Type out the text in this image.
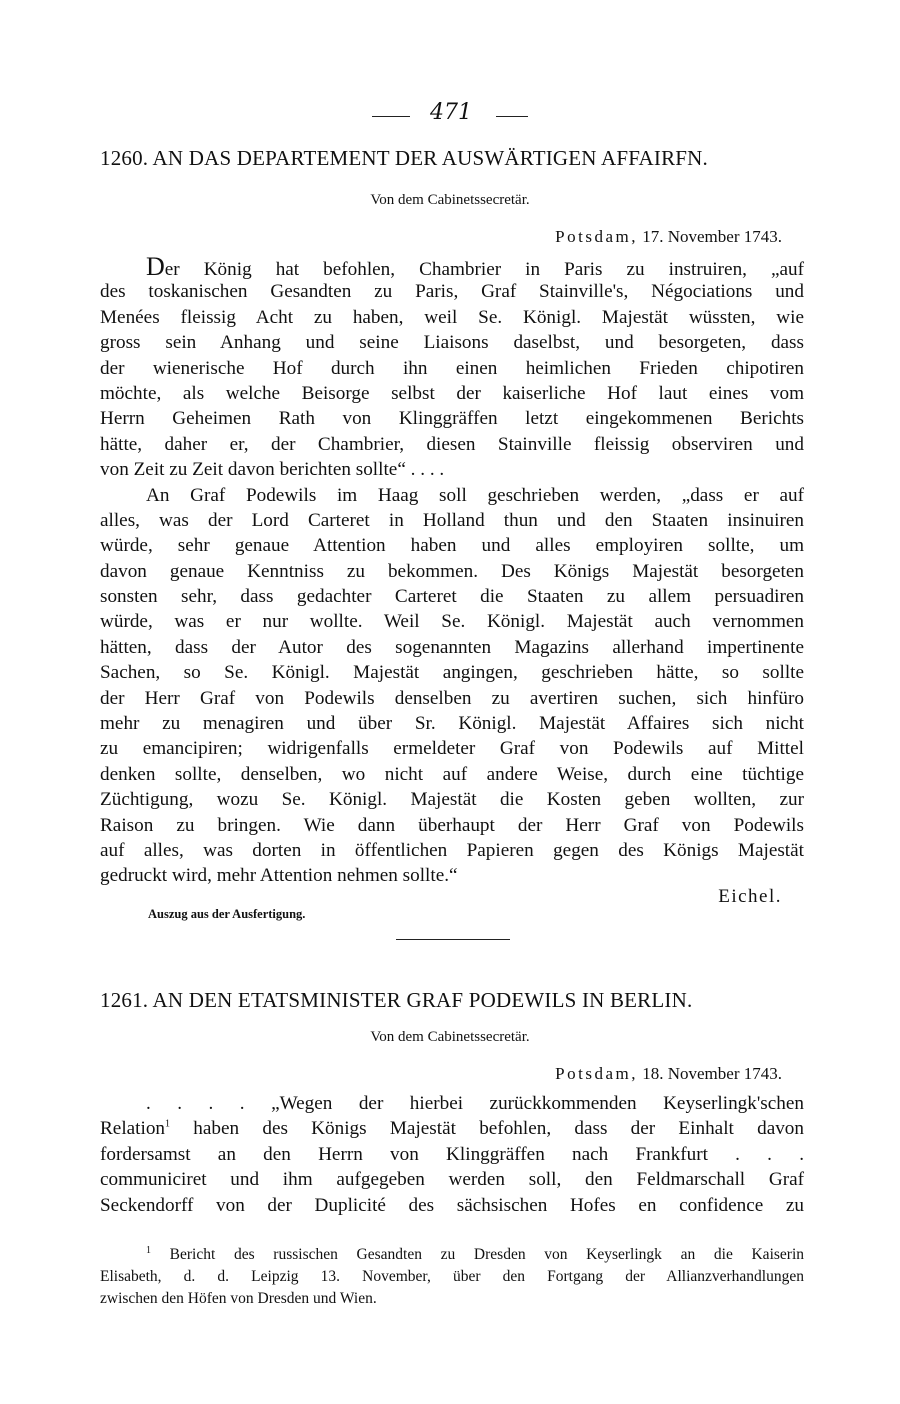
471
1260. AN DAS DEPARTEMENT DER AUSWÄRTIGEN AFFAIRFN.
Von dem Cabinetssecretär.
Potsdam, 17. November 1743.
Der König hat befohlen, Chambrier in Paris zu instruiren, „auf
des toskanischen Gesandten zu Paris, Graf Stainville's, Négociations und
Menées fleissig Acht zu haben, weil Se. Königl. Majestät wüssten, wie
gross sein Anhang und seine Liaisons daselbst, und besorgeten, dass
der wienerische Hof durch ihn einen heimlichen Frieden chipotiren
möchte, als welche Beisorge selbst der kaiserliche Hof laut eines vom
Herrn Geheimen Rath von Klinggräffen letzt eingekommenen Berichts
hätte, daher er, der Chambrier, diesen Stainville fleissig observiren und
von Zeit zu Zeit davon berichten sollte“ . . . .
An Graf Podewils im Haag soll geschrieben werden, „dass er auf
alles, was der Lord Carteret in Holland thun und den Staaten insinuiren
würde, sehr genaue Attention haben und alles employiren sollte, um
davon genaue Kenntniss zu bekommen. Des Königs Majestät besorgeten
sonsten sehr, dass gedachter Carteret die Staaten zu allem persuadiren
würde, was er nur wollte. Weil Se. Königl. Majestät auch vernommen
hätten, dass der Autor des sogenannten Magazins allerhand impertinente
Sachen, so Se. Königl. Majestät angingen, geschrieben hätte, so sollte
der Herr Graf von Podewils denselben zu avertiren suchen, sich hinfüro
mehr zu menagiren und über Sr. Königl. Majestät Affaires sich nicht
zu emancipiren; widrigenfalls ermeldeter Graf von Podewils auf Mittel
denken sollte, denselben, wo nicht auf andere Weise, durch eine tüchtige
Züchtigung, wozu Se. Königl. Majestät die Kosten geben wollten, zur
Raison zu bringen. Wie dann überhaupt der Herr Graf von Podewils
auf alles, was dorten in öffentlichen Papieren gegen des Königs Majestät
gedruckt wird, mehr Attention nehmen sollte.“
Eichel.
Auszug aus der Ausfertigung.
1261. AN DEN ETATSMINISTER GRAF PODEWILS IN BERLIN.
Von dem Cabinetssecretär.
Potsdam, 18. November 1743.
. . . . „Wegen der hierbei zurückkommenden Keyserlingk'schen
Relation$^1$ haben des Königs Majestät befohlen, dass der Einhalt davon
fordersamst an den Herrn von Klinggräffen nach Frankfurt . . .
communiciret und ihm aufgegeben werden soll, den Feldmarschall Graf
Seckendorff von der Duplicité des sächsischen Hofes en confidence zu
$^1$ Bericht des russischen Gesandten zu Dresden von Keyserlingk an die Kaiserin
Elisabeth, d. d. Leipzig 13. November, über den Fortgang der Allianzverhandlungen
zwischen den Höfen von Dresden und Wien.
